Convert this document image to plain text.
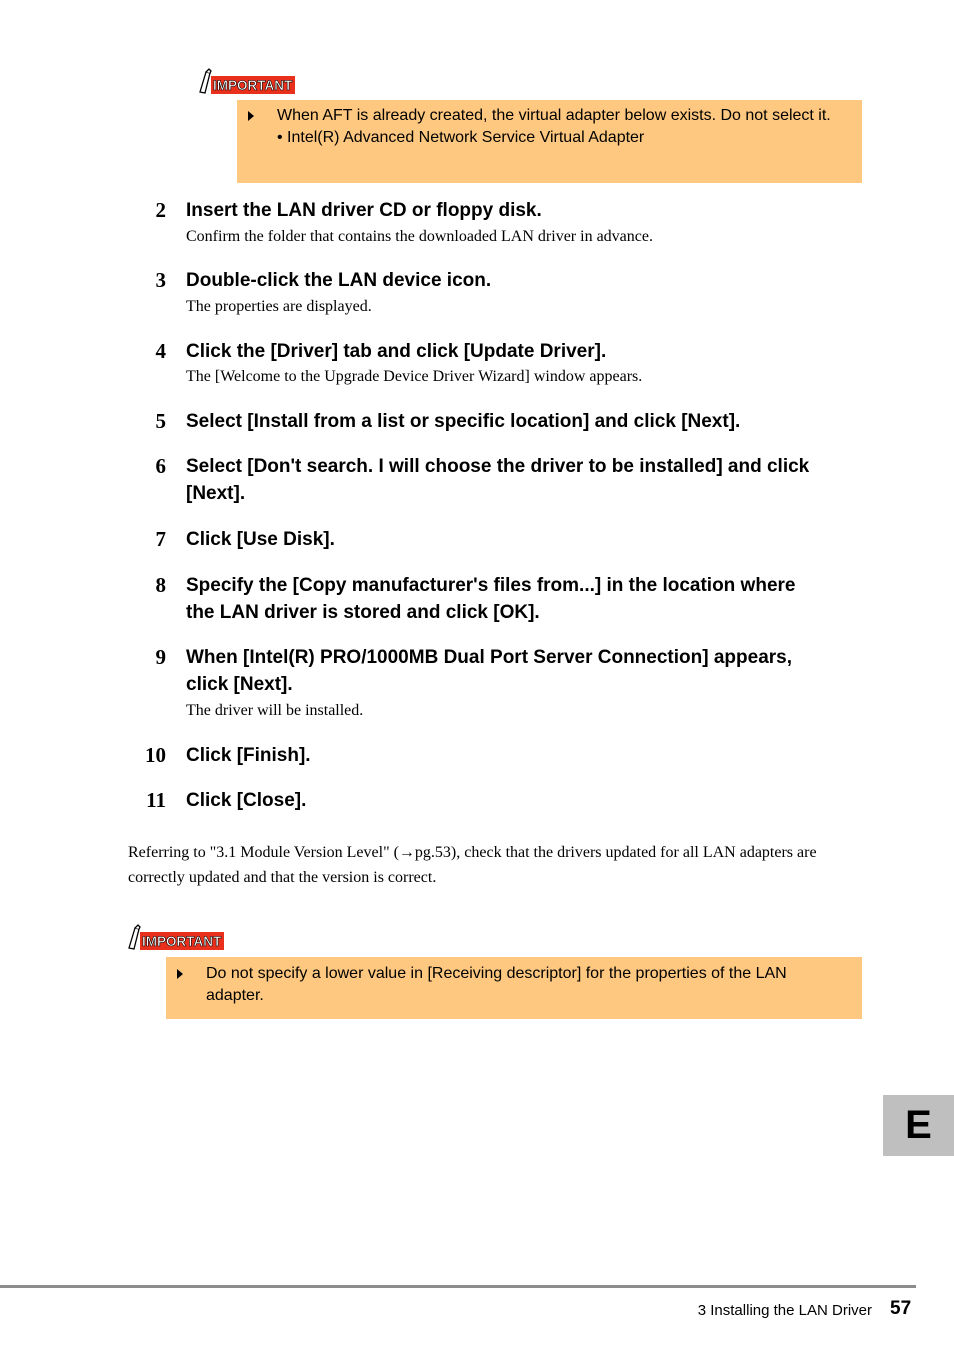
IMPORTANT
When AFT is already created, the virtual adapter below exists. Do not select it.
• Intel(R) Advanced Network Service Virtual Adapter
2 Insert the LAN driver CD or floppy disk.
Confirm the folder that contains the downloaded LAN driver in advance.
3 Double-click the LAN device icon.
The properties are displayed.
4 Click the [Driver] tab and click [Update Driver].
The [Welcome to the Upgrade Device Driver Wizard] window appears.
5 Select [Install from a list or specific location] and click [Next].
6 Select [Don't search. I will choose the driver to be installed] and click [Next].
7 Click [Use Disk].
8 Specify the [Copy manufacturer's files from...] in the location where the LAN driver is stored and click [OK].
9 When [Intel(R) PRO/1000MB Dual Port Server Connection] appears, click [Next].
The driver will be installed.
10 Click [Finish].
11 Click [Close].
Referring to "3.1 Module Version Level" (→pg.53), check that the drivers updated for all LAN adapters are correctly updated and that the version is correct.
IMPORTANT
Do not specify a lower value in [Receiving descriptor] for the properties of the LAN adapter.
E
3 Installing the LAN Driver 57
